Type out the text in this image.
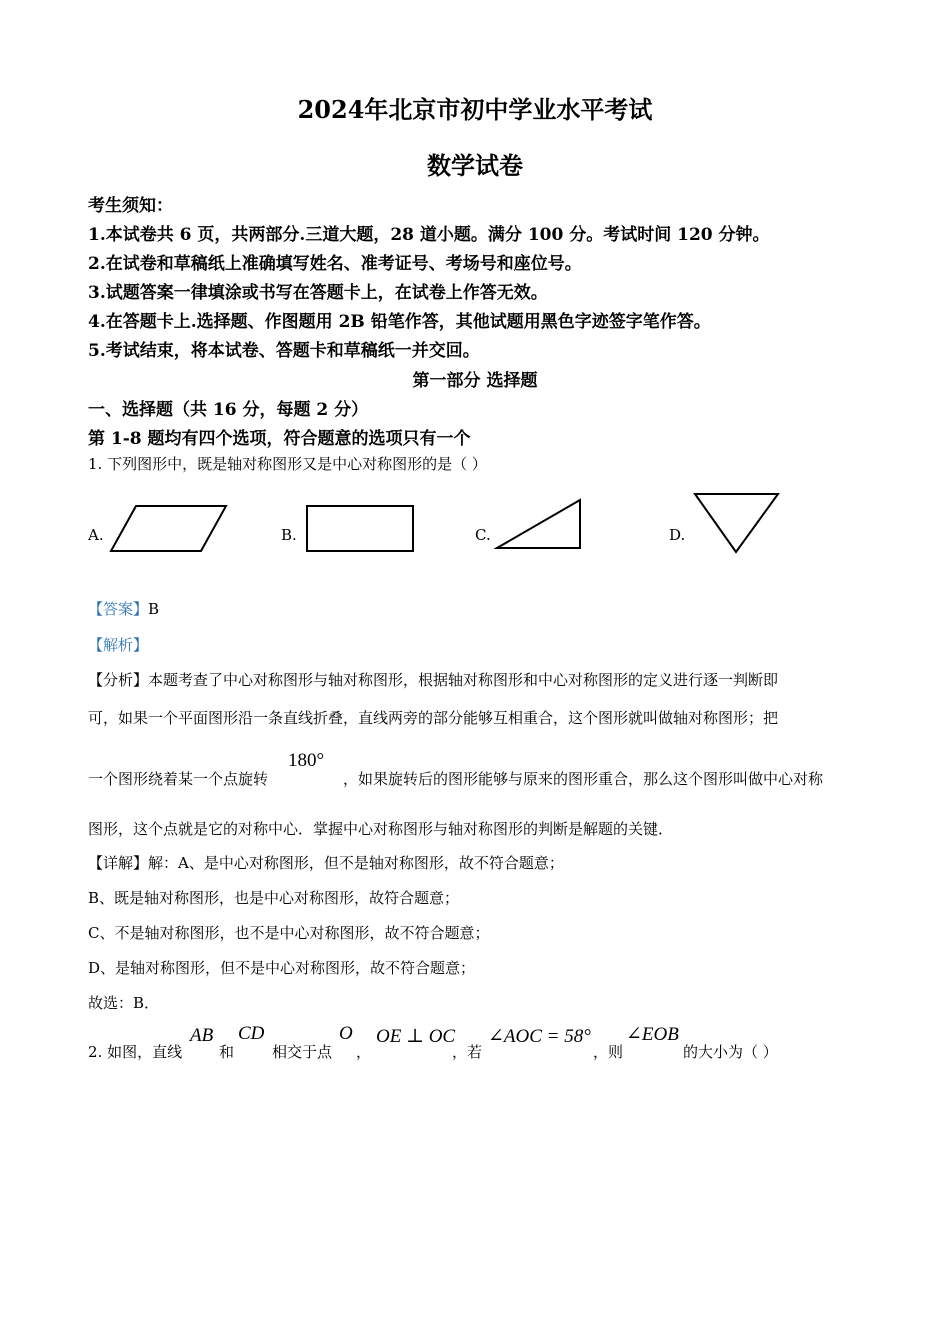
2024年北京市初中学业水平考试
数学试卷
考生须知：
1.本试卷共 6 页，共两部分.三道大题，28 道小题。满分 100 分。考试时间 120 分钟。
2.在试卷和草稿纸上准确填写姓名、准考证号、考场号和座位号。
3.试题答案一律填涂或书写在答题卡上，在试卷上作答无效。
4.在答题卡上.选择题、作图题用 2B 铅笔作答，其他试题用黑色字迹签字笔作答。
5.考试结束，将本试卷、答题卡和草稿纸一并交回。
第一部分 选择题
一、选择题（共 16 分，每题 2 分）
第 1-8 题均有四个选项，符合题意的选项只有一个
1. 下列图形中，既是轴对称图形又是中心对称图形的是（ ）
A.	B.	C.	D.
【答案】B
【解析】
【分析】本题考查了中心对称图形与轴对称图形，根据轴对称图形和中心对称图形的定义进行逐一判断即
可，如果一个平面图形沿一条直线折叠，直线两旁的部分能够互相重合，这个图形就叫做轴对称图形；把
一个图形绕着某一个点旋转
180°
，如果旋转后的图形能够与原来的图形重合，那么这个图形叫做中心对称
图形，这个点就是它的对称中心．掌握中心对称图形与轴对称图形的判断是解题的关键．
【详解】解：A、是中心对称图形，但不是轴对称图形，故不符合题意；
B、既是轴对称图形，也是中心对称图形，故符合题意；
C、不是轴对称图形，也不是中心对称图形，故不符合题意；
D、是轴对称图形，但不是中心对称图形，故不符合题意；
故选：B．
2. 如图，直线
AB
和
CD
相交于点
O
，
OE ⊥ OC
，若
∠AOC = 58°
，则
∠EOB
的大小为（ ）
